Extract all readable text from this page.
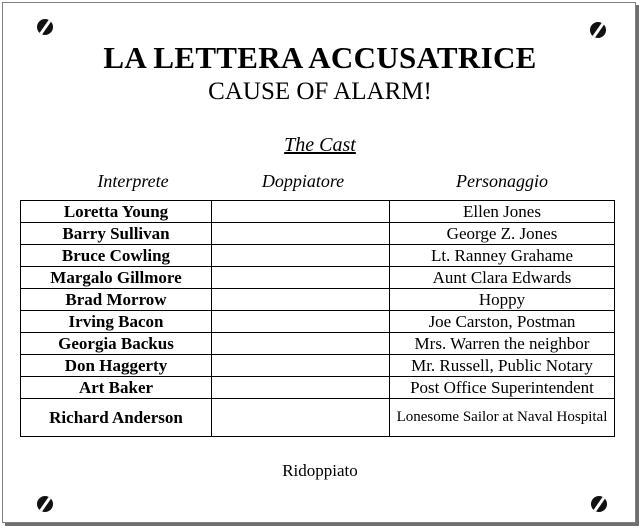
LA LETTERA ACCUSATRICE
CAUSE OF ALARM!
The Cast
Interprete	Doppiatore	Personaggio
Loretta Young		Ellen Jones
Barry Sullivan		George Z. Jones
Bruce Cowling		Lt. Ranney Grahame
Margalo Gillmore		Aunt Clara Edwards
Brad Morrow		Hoppy
Irving Bacon		Joe Carston, Postman
Georgia Backus		Mrs. Warren the neighbor
Don Haggerty		Mr. Russell, Public Notary
Art Baker		Post Office Superintendent
Richard Anderson		Lonesome Sailor at Naval Hospital
Ridoppiato
